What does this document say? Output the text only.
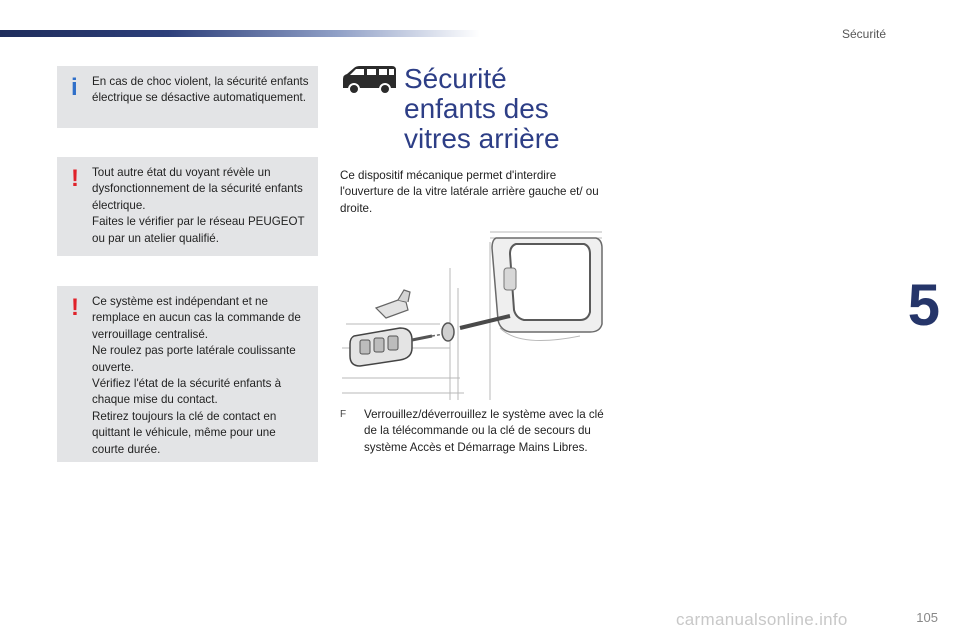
Sécurité
5
i En cas de choc violent, la sécurité enfants électrique se désactive automatiquement.

! Tout autre état du voyant révèle un dysfonctionnement de la sécurité enfants électrique.

Faites le vérifier par le réseau PEUGEOT ou par un atelier qualifié.

! Ce système est indépendant et ne remplace en aucun cas la commande de verrouillage centralisé.

Ne roulez pas porte latérale coulissante ouverte.

Vérifiez l'état de la sécurité enfants à chaque mise du contact.

Retirez toujours la clé de contact en quittant le véhicule, même pour une courte durée.

Sécurité
enfants des
vitres arrière

Ce dispositif mécanique permet d'interdire l'ouverture de la vitre latérale arrière gauche et/ ou droite.

F	Verrouillez/déverrouillez le système avec la clé de la télécommande ou la clé de secours du système Accès et Démarrage Mains Libres.
carmanualsonline.info	105
